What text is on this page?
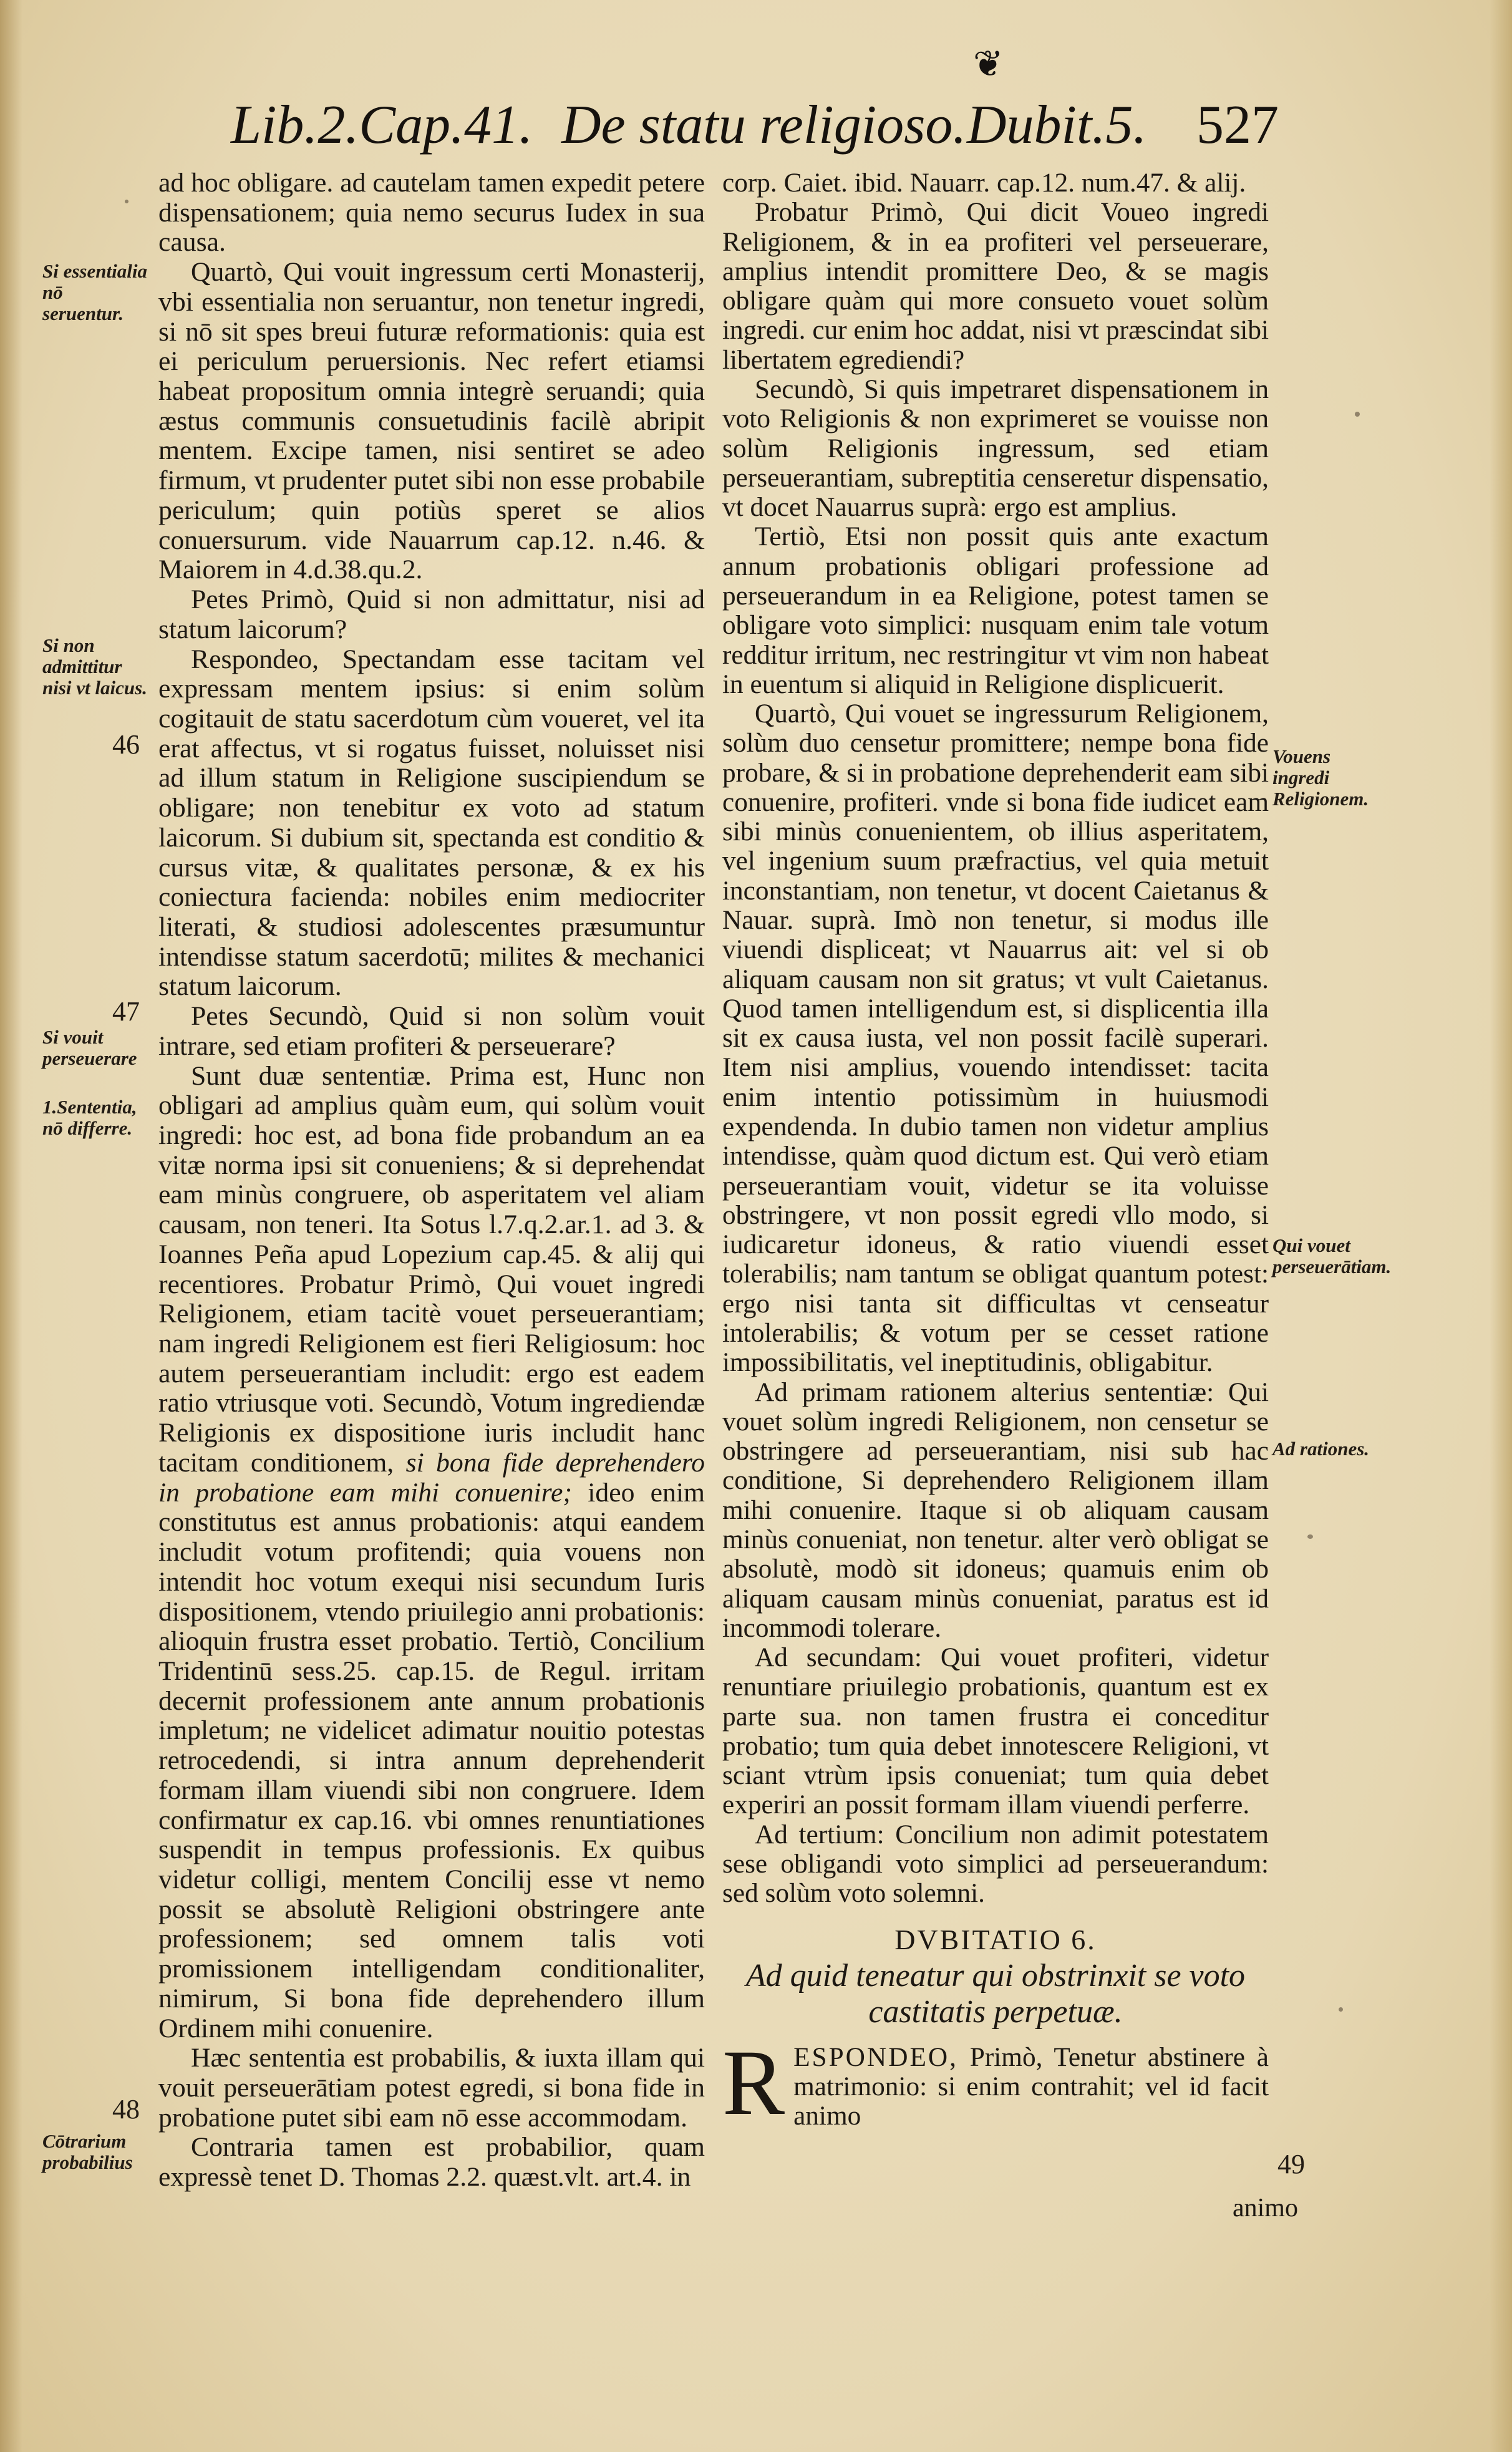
❦
Lib.2.Cap.41. De statu religioso. Dubit.5. 527

ad hoc obligare. ad cautelam tamen expedit petere dispensationem; quia nemo securus Iudex in sua causa.

Quartò, Qui vouit ingressum certi Monasterij, vbi essentialia non seruantur, non tenetur ingredi, si nō sit spes breui futuræ reformationis: quia est ei periculum peruersionis. Nec refert etiamsi habeat propositum omnia integrè seruandi; quia æstus communis consuetudinis facilè abripit mentem. Excipe tamen, nisi sentiret se adeo firmum, vt prudenter putet sibi non esse probabile periculum; quin potiùs speret se alios conuersurum. vide Nauarrum cap.12. n.46. & Maiorem in 4.d.38.qu.2.

Petes Primò, Quid si non admittatur, nisi ad statum laicorum?

Respondeo, Spectandam esse tacitam vel expressam mentem ipsius: si enim solùm cogitauit de statu sacerdotum cùm voueret, vel ita erat affectus, vt si rogatus fuisset, noluisset nisi ad illum statum in Religione suscipiendum se obligare; non tenebitur ex voto ad statum laicorum. Si dubium sit, spectanda est conditio & cursus vitæ, & qualitates personæ, & ex his coniectura facienda: nobiles enim mediocriter literati, & studiosi adolescentes præsumuntur intendisse statum sacerdotū; milites & mechanici statum laicorum.

Petes Secundò, Quid si non solùm vouit intrare, sed etiam profiteri & perseuerare?

Sunt duæ sententiæ. Prima est, Hunc non obligari ad amplius quàm eum, qui solùm vouit ingredi: hoc est, ad bona fide probandum an ea vitæ norma ipsi sit conueniens; & si deprehendat eam minùs congruere, ob asperitatem vel aliam causam, non teneri. Ita Sotus l.7.q.2.ar.1. ad 3. & Ioannes Peña apud Lopezium cap.45. & alij qui recentiores. Probatur Primò, Qui vouet ingredi Religionem, etiam tacitè vouet perseuerantiam; nam ingredi Religionem est fieri Religiosum: hoc autem perseuerantiam includit: ergo est eadem ratio vtriusque voti. Secundò, Votum ingrediendæ Religionis ex dispositione iuris includit hanc tacitam conditionem, si bona fide deprehendero in probatione eam mihi conuenire; ideo enim constitutus est annus probationis: atqui eandem includit votum profitendi; quia vouens non intendit hoc votum exequi nisi secundum Iuris dispositionem, vtendo priuilegio anni probationis: alioquin frustra esset probatio. Tertiò, Concilium Tridentinū sess.25. cap.15. de Regul. irritam decernit professionem ante annum probationis impletum; ne videlicet adimatur nouitio potestas retrocedendi, si intra annum deprehenderit formam illam viuendi sibi non congruere. Idem confirmatur ex cap.16. vbi omnes renuntiationes suspendit in tempus professionis. Ex quibus videtur colligi, mentem Concilij esse vt nemo possit se absolutè Religioni obstringere ante professionem; sed omnem talis voti promissionem intelligendam conditionaliter, nimirum, Si bona fide deprehendero illum Ordinem mihi conuenire.

Hæc sententia est probabilis, & iuxta illam qui vouit perseuerātiam potest egredi, si bona fide in probatione putet sibi eam nō esse accommodam.

Contraria tamen est probabilior, quam expressè tenet D. Thomas 2.2. quæst.vlt. art.4. in

corp. Caiet. ibid. Nauarr. cap.12. num.47. & alij.

Probatur Primò, Qui dicit Voueo ingredi Religionem, & in ea profiteri vel perseuerare, amplius intendit promittere Deo, & se magis obligare quàm qui more consueto vouet solùm ingredi. cur enim hoc addat, nisi vt præscindat sibi libertatem egrediendi?

Secundò, Si quis impetraret dispensationem in voto Religionis & non exprimeret se vouisse non solùm Religionis ingressum, sed etiam perseuerantiam, subreptitia censeretur dispensatio, vt docet Nauarrus suprà: ergo est amplius.

Tertiò, Etsi non possit quis ante exactum annum probationis obligari professione ad perseuerandum in ea Religione, potest tamen se obligare voto simplici: nusquam enim tale votum redditur irritum, nec restringitur vt vim non habeat in euentum si aliquid in Religione displicuerit.

Quartò, Qui vouet se ingressurum Religionem, solùm duo censetur promittere; nempe bona fide probare, & si in probatione deprehenderit eam sibi conuenire, profiteri. vnde si bona fide iudicet eam sibi minùs conuenientem, ob illius asperitatem, vel ingenium suum præfractius, vel quia metuit inconstantiam, non tenetur, vt docent Caietanus & Nauar. suprà. Imò non tenetur, si modus ille viuendi displiceat; vt Nauarrus ait: vel si ob aliquam causam non sit gratus; vt vult Caietanus. Quod tamen intelligendum est, si displicentia illa sit ex causa iusta, vel non possit facilè superari. Item nisi amplius, vouendo intendisset: tacita enim intentio potissimùm in huiusmodi expendenda. In dubio tamen non videtur amplius intendisse, quàm quod dictum est. Qui verò etiam perseuerantiam vouit, videtur se ita voluisse obstringere, vt non possit egredi vllo modo, si iudicaretur idoneus, & ratio viuendi esset tolerabilis; nam tantum se obligat quantum potest: ergo nisi tanta sit difficultas vt censeatur intolerabilis; & votum per se cesset ratione impossibilitatis, vel ineptitudinis, obligabitur.

Ad primam rationem alterius sententiæ: Qui vouet solùm ingredi Religionem, non censetur se obstringere ad perseuerantiam, nisi sub hac conditione, Si deprehendero Religionem illam mihi conuenire. Itaque si ob aliquam causam minùs conueniat, non tenetur. alter verò obligat se absolutè, modò sit idoneus; quamuis enim ob aliquam causam minùs conueniat, paratus est id incommodi tolerare.

Ad secundam: Qui vouet profiteri, videtur renuntiare priuilegio probationis, quantum est ex parte sua. non tamen frustra ei conceditur probatio; tum quia debet innotescere Religioni, vt sciant vtrùm ipsis conueniat; tum quia debet experiri an possit formam illam viuendi perferre.

Ad tertium: Concilium non adimit potestatem sese obligandi voto simplici ad perseuerandum: sed solùm voto solemni.

DVBITATIO 6.

Ad quid teneatur qui obstrinxit se voto castitatis perpetuæ.

RESPONDEO, Primò, Tenetur abstinere à matrimonio: si enim contrahit; vel id facit animo

Si essentialia nō seruentur.
Si non admittitur nisi vt laicus.
46
47
Si vouit perseuerare
1.Sententia, nō differre.
48
Cōtrarium probabilius
Vouens ingredi Religionem.
Qui vouet perseuerātiam.
Ad rationes.
49
animo
